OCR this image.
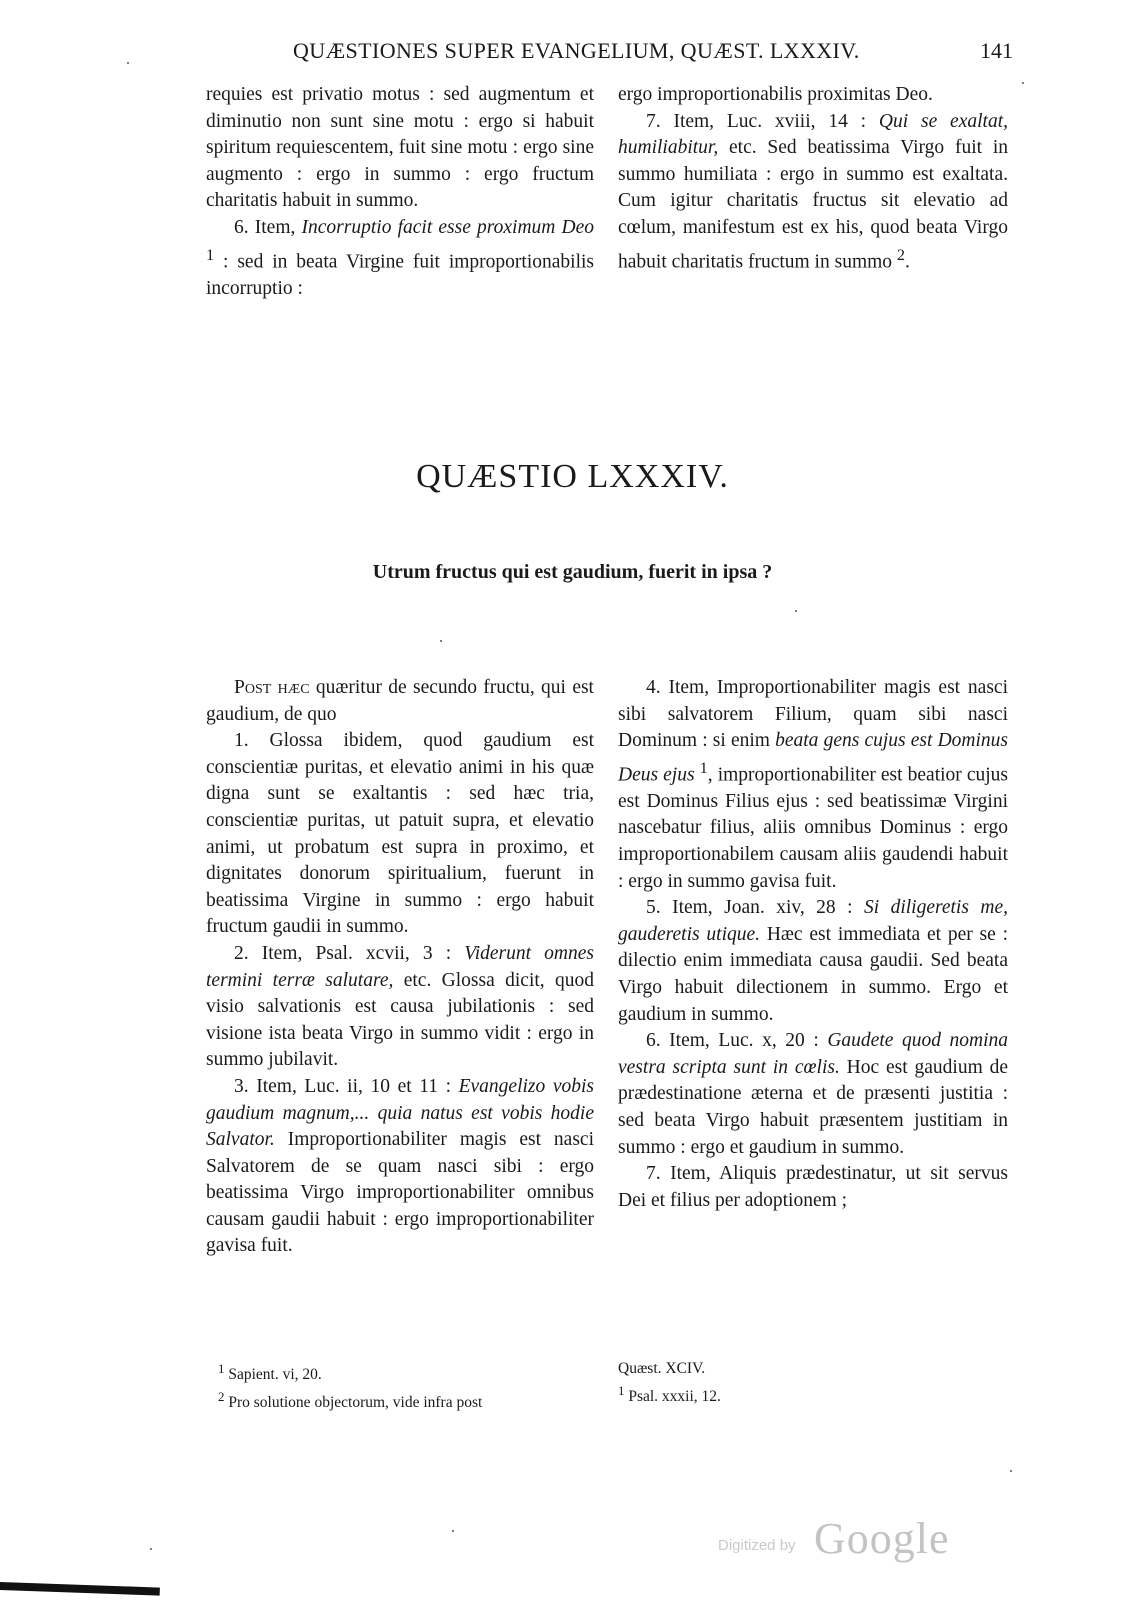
QUÆSTIONES SUPER EVANGELIUM, QUÆST. LXXXIV.	141

requies est privatio motus : sed augmentum et diminutio non sunt sine motu : ergo si habuit spiritum requiescentem, fuit sine motu : ergo sine augmento : ergo in summo : ergo fructum charitatis habuit in summo.

6. Item, Incorruptio facit esse proximum Deo $^1$ : sed in beata Virgine fuit improportionabilis incorruptio :

ergo improportionabilis proximitas Deo.

7. Item, Luc. xviii, 14 : Qui se exaltat, humiliabitur, etc. Sed beatissima Virgo fuit in summo humiliata : ergo in summo est exaltata. Cum igitur charitatis fructus sit elevatio ad cœlum, manifestum est ex his, quod beata Virgo habuit charitatis fructum in summo $^2$.

QUÆSTIO LXXXIV.
Utrum fructus qui est gaudium, fuerit in ipsa ?

Post hæc quæritur de secundo fructu, qui est gaudium, de quo

1. Glossa ibidem, quod gaudium est conscientiæ puritas, et elevatio animi in his quæ digna sunt se exaltantis : sed hæc tria, conscientiæ puritas, ut patuit supra, et elevatio animi, ut probatum est supra in proximo, et dignitates donorum spiritualium, fuerunt in beatissima Virgine in summo : ergo habuit fructum gaudii in summo.

2. Item, Psal. xcvii, 3 : Viderunt omnes termini terræ salutare, etc. Glossa dicit, quod visio salvationis est causa jubilationis : sed visione ista beata Virgo in summo vidit : ergo in summo jubilavit.

3. Item, Luc. ii, 10 et 11 : Evangelizo vobis gaudium magnum,... quia natus est vobis hodie Salvator. Improportionabiliter magis est nasci Salvatorem de se quam nasci sibi : ergo beatissima Virgo improportionabiliter omnibus causam gaudii habuit : ergo improportionabiliter gavisa fuit.

4. Item, Improportionabiliter magis est nasci sibi salvatorem Filium, quam sibi nasci Dominum : si enim beata gens cujus est Dominus Deus ejus $^1$, improportionabiliter est beatior cujus est Dominus Filius ejus : sed beatissimæ Virgini nascebatur filius, aliis omnibus Dominus : ergo improportionabilem causam aliis gaudendi habuit : ergo in summo gavisa fuit.

5. Item, Joan. xiv, 28 : Si diligeretis me, gauderetis utique. Hæc est immediata et per se : dilectio enim immediata causa gaudii. Sed beata Virgo habuit dilectionem in summo. Ergo et gaudium in summo.

6. Item, Luc. x, 20 : Gaudete quod nomina vestra scripta sunt in cœlis. Hoc est gaudium de prædestinatione æterna et de præsenti justitia : sed beata Virgo habuit præsentem justitiam in summo : ergo et gaudium in summo.

7. Item, Aliquis prædestinatur, ut sit servus Dei et filius per adoptionem ;

$^1$ Sapient. vi, 20.
$^2$ Pro solutione objectorum, vide infra post
Quæst. XCIV.
$^1$ Psal. xxxii, 12.
Digitized by Google
